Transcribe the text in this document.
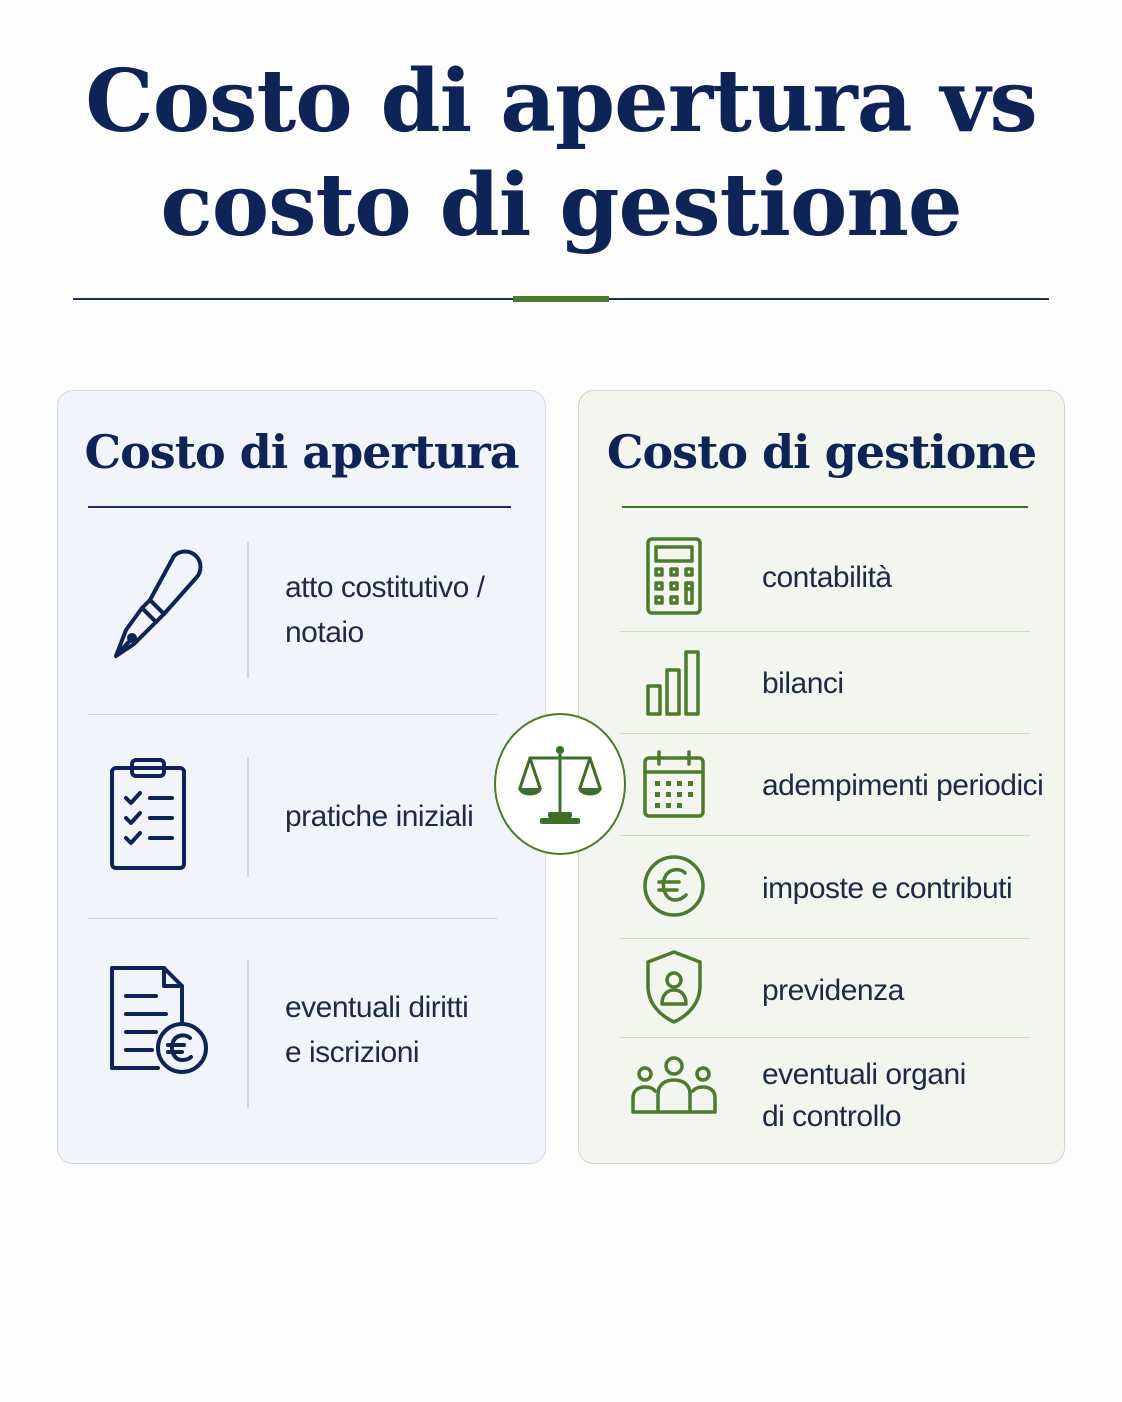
Costo di apertura vs
costo di gestione
Costo di apertura
atto costitutivo /
notaio
pratiche iniziali
eventuali diritti
e iscrizioni
Costo di gestione
contabilità
bilanci
adempimenti periodici
imposte e contributi
previdenza
eventuali organi
di controllo
